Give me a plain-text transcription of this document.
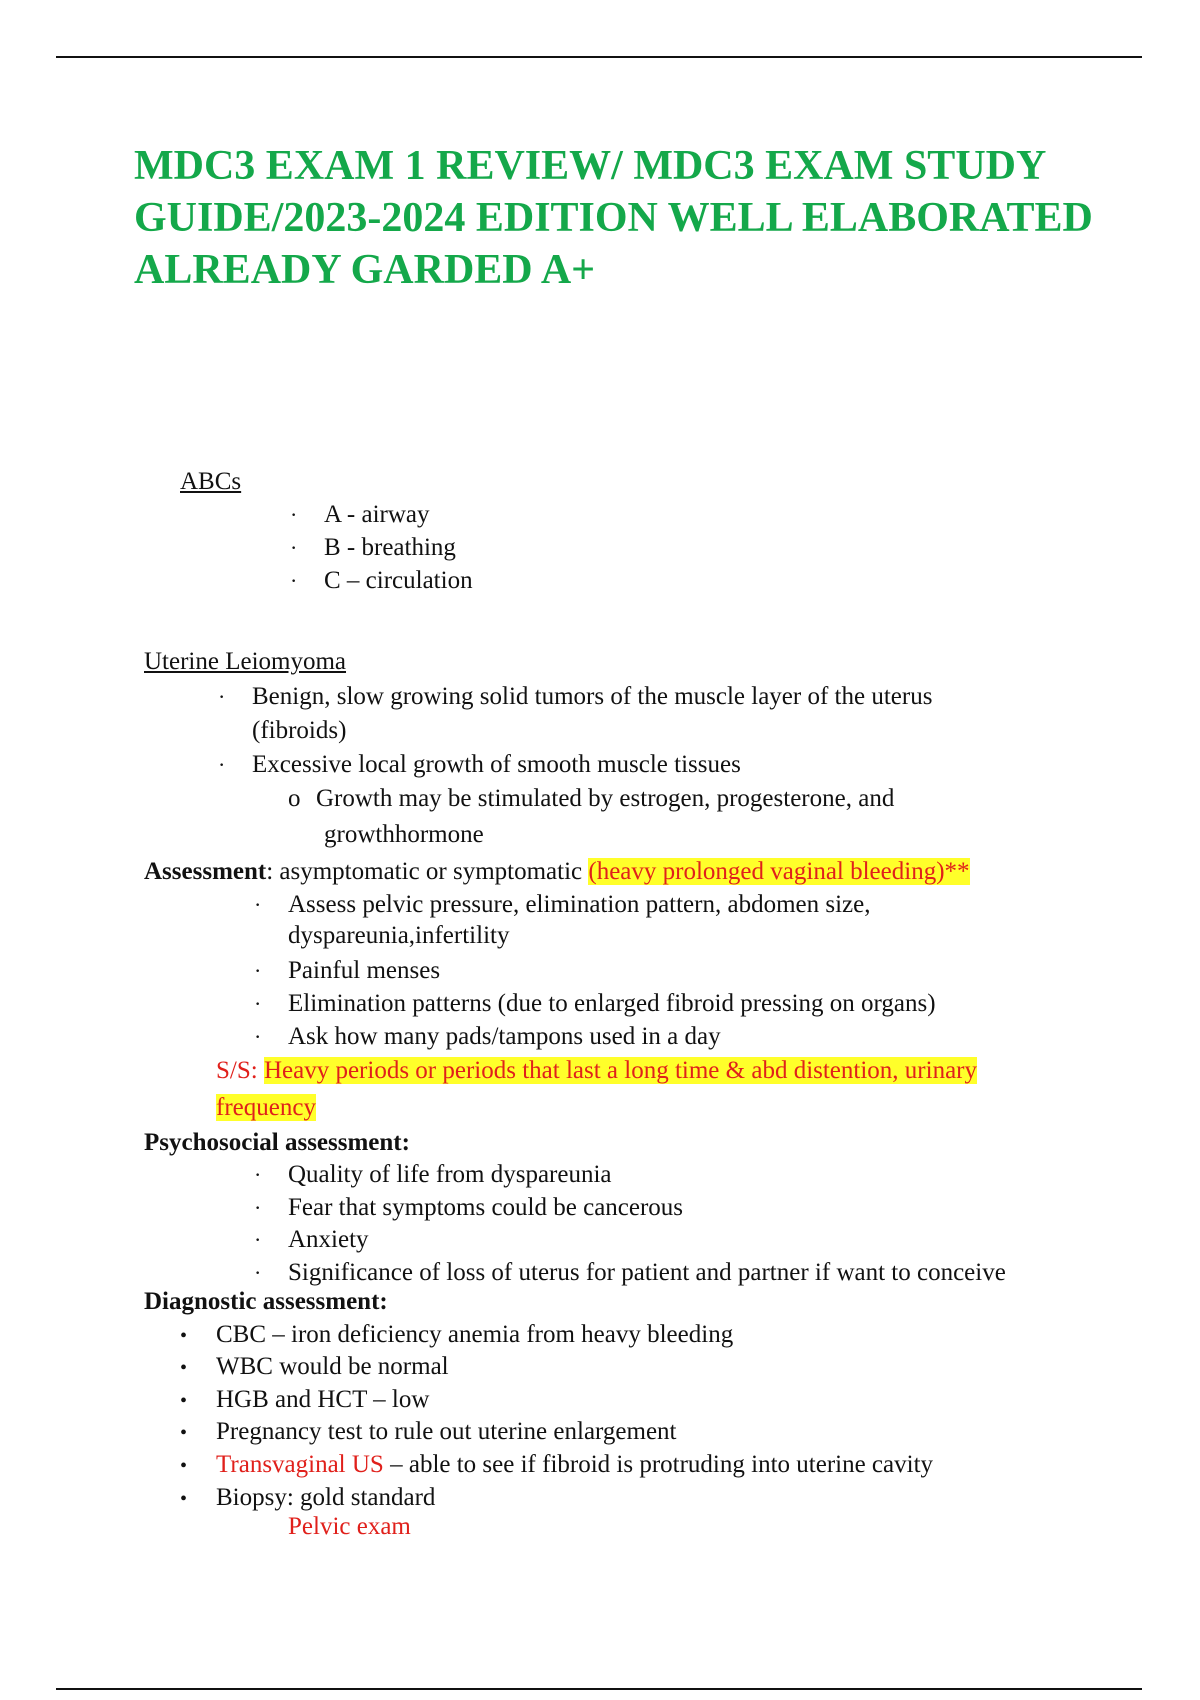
MDC3 EXAM 1 REVIEW/ MDC3 EXAM STUDY GUIDE/2023-2024 EDITION WELL ELABORATED ALREADY GARDED A+
ABCs
·
A - airway
·
B - breathing
·
C – circulation
Uterine Leiomyoma
·
Benign, slow growing solid tumors of the muscle layer of the uterus
(fibroids)
·
Excessive local growth of smooth muscle tissues
o Growth may be stimulated by estrogen, progesterone, and
growthhormone
Assessment: asymptomatic or symptomatic (heavy prolonged vaginal bleeding)**
·
Assess pelvic pressure, elimination pattern, abdomen size,
dyspareunia,infertility
·
Painful menses
·
Elimination patterns (due to enlarged fibroid pressing on organs)
·
Ask how many pads/tampons used in a day
S/S: Heavy periods or periods that last a long time & abd distention, urinary
frequency
Psychosocial assessment:
·
Quality of life from dyspareunia
·
Fear that symptoms could be cancerous
·
Anxiety
·
Significance of loss of uterus for patient and partner if want to conceive
Diagnostic assessment:
•
CBC – iron deficiency anemia from heavy bleeding
•
WBC would be normal
•
HGB and HCT – low
•
Pregnancy test to rule out uterine enlargement
•
Transvaginal US – able to see if fibroid is protruding into uterine cavity
•
Biopsy: gold standard
Pelvic exam
